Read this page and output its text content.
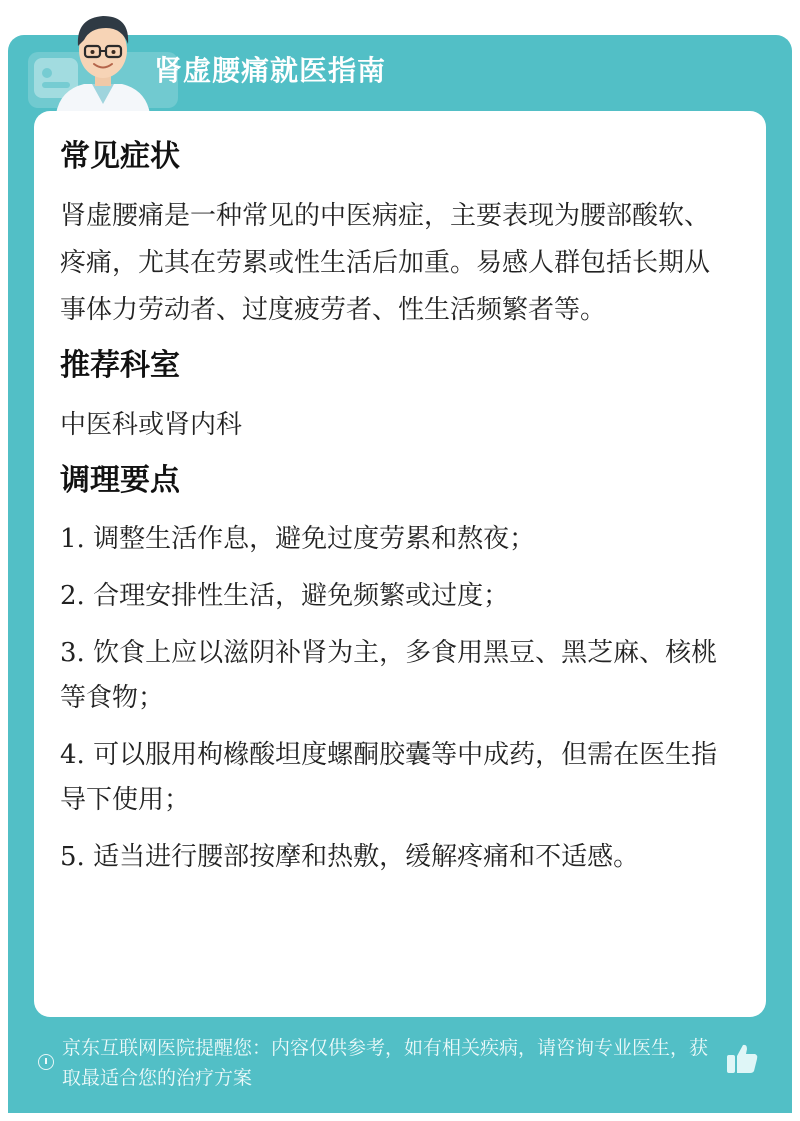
肾虚腰痛就医指南
常见症状

肾虚腰痛是一种常见的中医病症，主要表现为腰部酸软、疼痛，尤其在劳累或性生活后加重。易感人群包括长期从事体力劳动者、过度疲劳者、性生活频繁者等。

推荐科室

中医科或肾内科

调理要点

1. 调整生活作息，避免过度劳累和熬夜；

2. 合理安排性生活，避免频繁或过度；

3. 饮食上应以滋阴补肾为主，多食用黑豆、黑芝麻、核桃等食物；

4. 可以服用枸橼酸坦度螺酮胶囊等中成药，但需在医生指导下使用；

5. 适当进行腰部按摩和热敷，缓解疼痛和不适感。

京东互联网医院提醒您：内容仅供参考，如有相关疾病，请咨询专业医生，获取最适合您的治疗方案
